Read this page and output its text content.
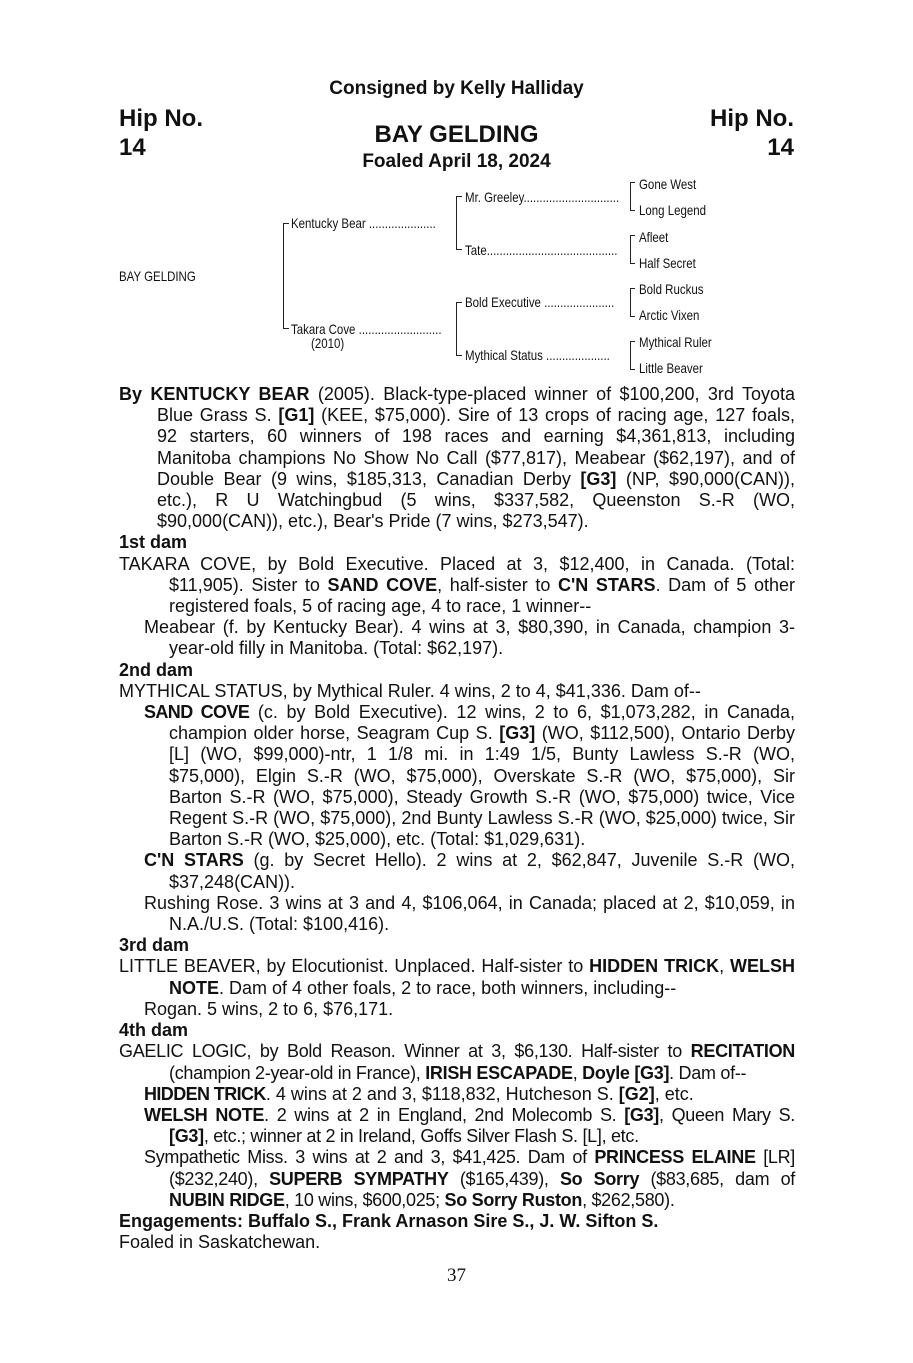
Consigned by Kelly Halliday
Hip No.
14
Hip No.
14
BAY GELDING
Foaled April 18, 2024
BAY GELDING
Kentucky Bear .....................
Takara Cove ..........................
(2010)
Mr. Greeley..............................
Tate.........................................
Bold Executive ......................
Mythical Status ....................
Gone West
Long Legend
Afleet
Half Secret
Bold Ruckus
Arctic Vixen
Mythical Ruler
Little Beaver

By KENTUCKY BEAR (2005). Black-type-placed winner of $100,200, 3rd Toyota Blue Grass S. [G1] (KEE, $75,000). Sire of 13 crops of racing age, 127 foals, 92 starters, 60 winners of 198 races and earning $4,361,813, including Manitoba champions No Show No Call ($77,817), Meabear ($62,197), and of Double Bear (9 wins, $185,313, Canadian Derby [G3] (NP, $90,000(CAN)), etc.), R U Watchingbud (5 wins, $337,582, Queenston S.-R (WO, $90,000(CAN)), etc.), Bear's Pride (7 wins, $273,547).

1st dam

TAKARA COVE, by Bold Executive. Placed at 3, $12,400, in Canada. (Total: $11,905). Sister to SAND COVE, half-sister to C'N STARS. Dam of 5 other registered foals, 5 of racing age, 4 to race, 1 winner--

Meabear (f. by Kentucky Bear). 4 wins at 3, $80,390, in Canada, champion 3-year-old filly in Manitoba. (Total: $62,197).

2nd dam

MYTHICAL STATUS, by Mythical Ruler. 4 wins, 2 to 4, $41,336. Dam of--

SAND COVE (c. by Bold Executive). 12 wins, 2 to 6, $1,073,282, in Canada, champion older horse, Seagram Cup S. [G3] (WO, $112,500), Ontario Derby [L] (WO, $99,000)-ntr, 1 1/8 mi. in 1:49 1/5, Bunty Lawless S.-R (WO, $75,000), Elgin S.-R (WO, $75,000), Overskate S.-R (WO, $75,000), Sir Barton S.-R (WO, $75,000), Steady Growth S.-R (WO, $75,000) twice, Vice Regent S.-R (WO, $75,000), 2nd Bunty Lawless S.-R (WO, $25,000) twice, Sir Barton S.-R (WO, $25,000), etc. (Total: $1,029,631).

C'N STARS (g. by Secret Hello). 2 wins at 2, $62,847, Juvenile S.-R (WO, $37,248(CAN)).

Rushing Rose. 3 wins at 3 and 4, $106,064, in Canada; placed at 2, $10,059, in N.A./U.S. (Total: $100,416).

3rd dam

LITTLE BEAVER, by Elocutionist. Unplaced. Half-sister to HIDDEN TRICK, WELSH NOTE. Dam of 4 other foals, 2 to race, both winners, including--

Rogan. 5 wins, 2 to 6, $76,171.

4th dam

GAELIC LOGIC, by Bold Reason. Winner at 3, $6,130. Half-sister to RECITATION (champion 2-year-old in France), IRISH ESCAPADE, Doyle [G3]. Dam of--

HIDDEN TRICK. 4 wins at 2 and 3, $118,832, Hutcheson S. [G2], etc.

WELSH NOTE. 2 wins at 2 in England, 2nd Molecomb S. [G3], Queen Mary S. [G3], etc.; winner at 2 in Ireland, Goffs Silver Flash S. [L], etc.

Sympathetic Miss. 3 wins at 2 and 3, $41,425. Dam of PRINCESS ELAINE [LR] ($232,240), SUPERB SYMPATHY ($165,439), So Sorry ($83,685, dam of NUBIN RIDGE, 10 wins, $600,025; So Sorry Ruston, $262,580).

Engagements: Buffalo S., Frank Arnason Sire S., J. W. Sifton S.

Foaled in Saskatchewan.

37
